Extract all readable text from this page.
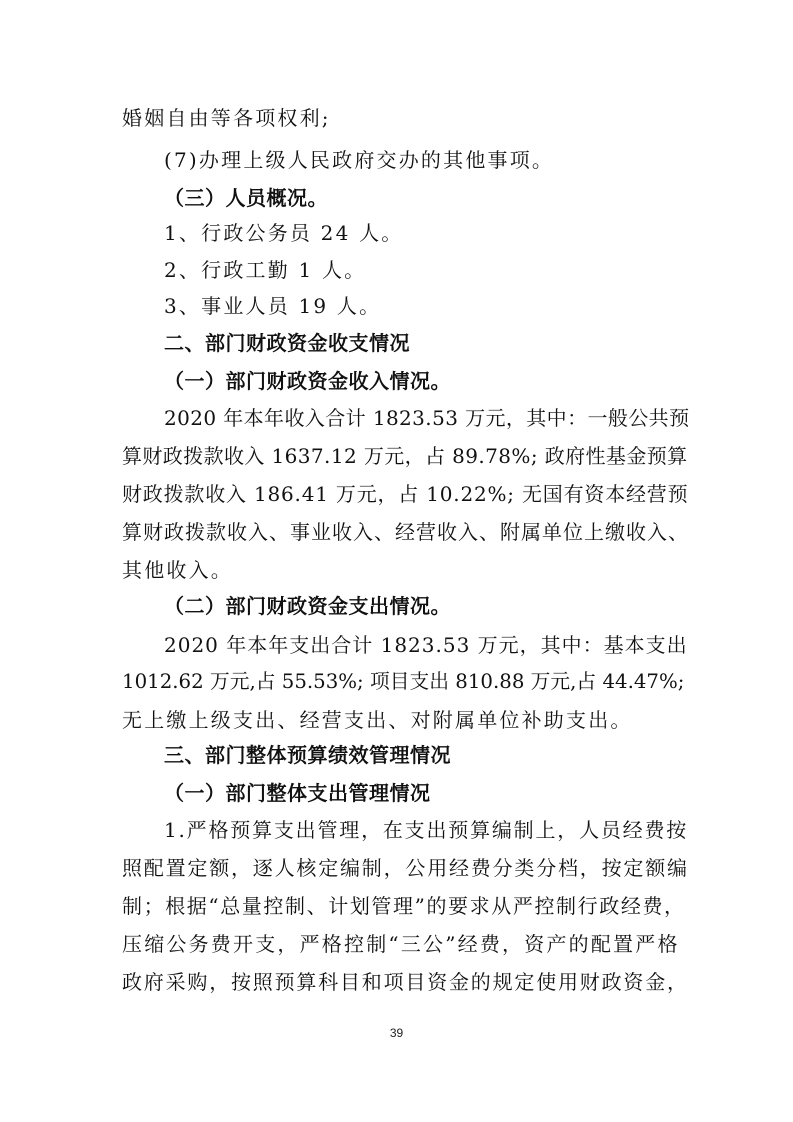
婚姻自由等各项权利;
(7)办理上级人民政府交办的其他事项。
（三）人员概况。
1、行政公务员 24 人。
2、行政工勤 1 人。
3、事业人员 19 人。
二、部门财政资金收支情况
（一）部门财政资金收入情况。
2020 年本年收入合计 1823.53 万元，其中：一般公共预
算财政拨款收入 1637.12 万元，占 89.78%; 政府性基金预算
财政拨款收入 186.41 万元，占 10.22%; 无国有资本经营预
算财政拨款收入、事业收入、经营收入、附属单位上缴收入、
其他收入。
（二）部门财政资金支出情况。
2020 年本年支出合计 1823.53 万元，其中：基本支出
1012.62 万元,占 55.53%; 项目支出 810.88 万元,占 44.47%;
无上缴上级支出、经营支出、对附属单位补助支出。
三、部门整体预算绩效管理情况
（一）部门整体支出管理情况
1.严格预算支出管理，在支出预算编制上，人员经费按
照配置定额，逐人核定编制，公用经费分类分档，按定额编
制；根据“总量控制、计划管理”的要求从严控制行政经费，
压缩公务费开支，严格控制“三公”经费，资产的配置严格
政府采购，按照预算科目和项目资金的规定使用财政资金，
39
